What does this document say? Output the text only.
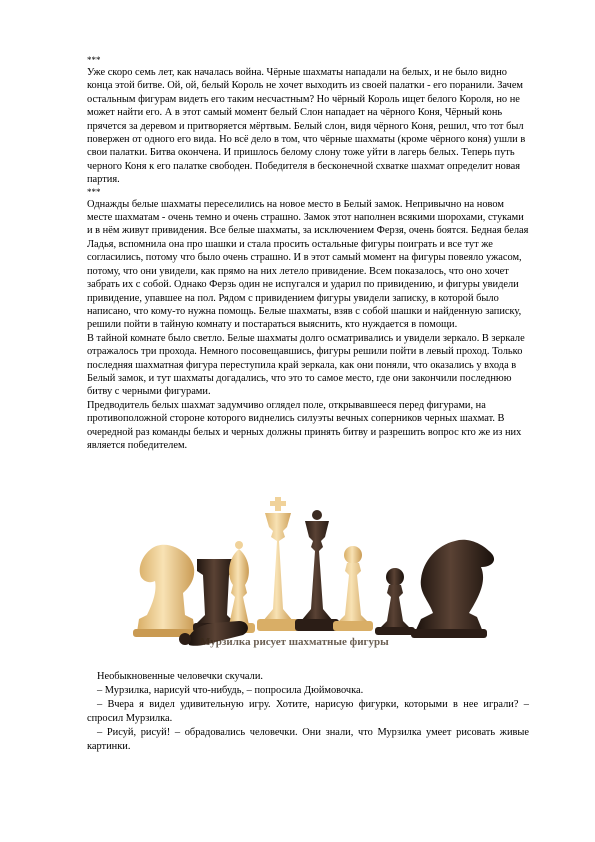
***

Уже скоро семь лет, как началась война. Чёрные шахматы нападали на белых, и не было видно конца этой битве. Ой, ой, белый Король не хочет выходить из своей палатки - его поранили. Зачем остальным фигурам видеть его таким несчастным? Но чёрный Король ищет белого Короля, но не может найти его. А в этот самый момент белый Слон нападает на чёрного Коня, Чёрный конь прячется за деревом и притворяется мёртвым. Белый слон, видя чёрного Коня, решил, что тот был повержен от одного его вида. Но всё дело в том, что чёрные шахматы (кроме чёрного коня) ушли в свои палатки. Битва окончена. И пришлось белому слону тоже уйти в лагерь белых. Теперь путь черного Коня к его палатке свободен. Победителя в бесконечной схватке шахмат определит новая партия.

***

Однажды белые шахматы переселились на новое место в Белый замок. Непривычно на новом месте шахматам - очень темно и очень страшно. Замок этот наполнен всякими шорохами, стуками и в нём живут привидения. Все белые шахматы, за исключением Ферзя, очень боятся. Бедная белая Ладья, вспомнила она про шашки и стала просить остальные фигуры поиграть и все тут же согласились, потому что было очень страшно. И в этот самый момент на фигуры повеяло ужасом, потому, что они увидели, как прямо на них летело привидение. Всем показалось, что оно хочет забрать их с собой. Однако Ферзь один не испугался и ударил по привидению, и фигуры увидели привидение, упавшее на пол. Рядом с привидением фигуры увидели записку, в которой было написано, что кому-то нужна помощь. Белые шахматы, взяв с собой шашки и найденную записку, решили пойти в тайную комнату и постараться выяснить, кто нуждается в помощи.

В тайной комнате было светло. Белые шахматы долго осматривались и увидели зеркало. В зеркале отражалось три прохода. Немного посовещавшись, фигуры решили пойти в левый проход. Только последняя шахматная фигура переступила край зеркала, как они поняли, что оказались у входа в Белый замок, и тут шахматы догадались, что это то самое место, где они закончили последнюю битву с черными фигурами.

Предводитель белых шахмат задумчиво оглядел поле, открывавшееся перед фигурами, на противоположной стороне которого виднелись силуэты вечных соперников черных шахмат. В очередной раз команды белых и черных должны принять битву и разрешить вопрос кто же из них является победителем.

Мурзилка рисует шахматные фигуры

Необыкновенные человечки скучали.

– Мурзилка, нарисуй что-нибудь, – попросила Дюймовочка.

– Вчера я видел удивительную игру. Хотите, нарисую фигурки, которыми в нее играли? – спросил Мурзилка.

– Рисуй, рисуй! – обрадовались человечки. Они знали, что Мурзилка умеет рисовать живые картинки.
